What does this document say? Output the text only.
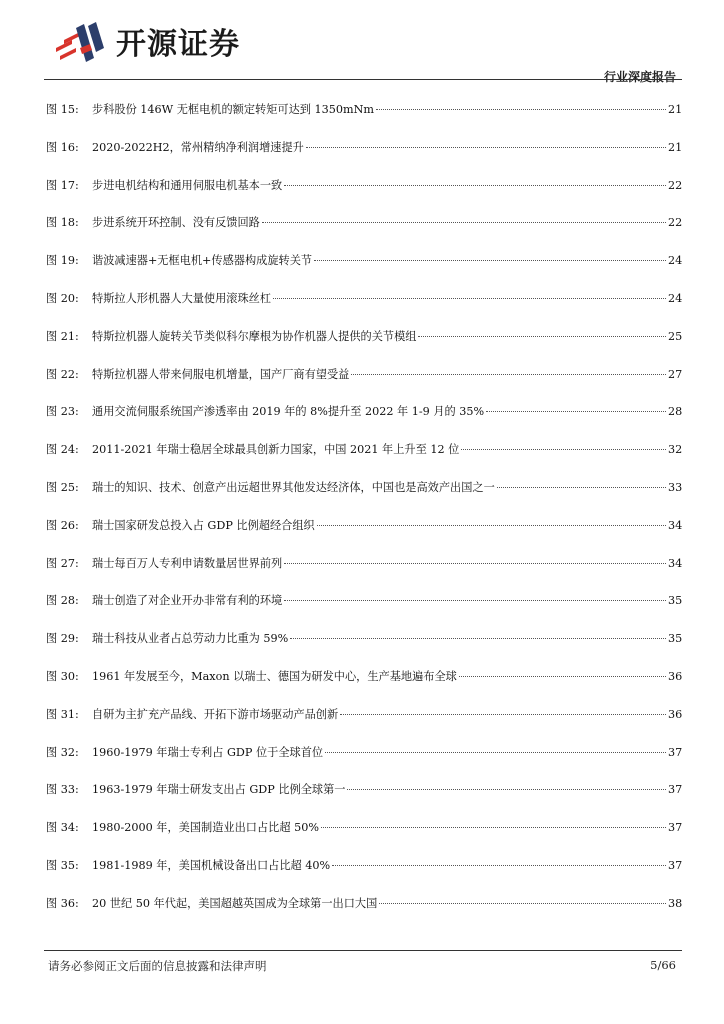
开源证券
行业深度报告
图 15:	步科股份 146W 无框电机的额定转矩可达到 1350mNm	21
图 16:	2020-2022H2，常州精纳净利润增速提升	21
图 17:	步进电机结构和通用伺服电机基本一致	22
图 18:	步进系统开环控制、没有反馈回路	22
图 19:	谐波减速器+无框电机+传感器构成旋转关节	24
图 20:	特斯拉人形机器人大量使用滚珠丝杠	24
图 21:	特斯拉机器人旋转关节类似科尔摩根为协作机器人提供的关节模组	25
图 22:	特斯拉机器人带来伺服电机增量，国产厂商有望受益	27
图 23:	通用交流伺服系统国产渗透率由 2019 年的 8%提升至 2022 年 1-9 月的 35%	28
图 24:	2011-2021 年瑞士稳居全球最具创新力国家，中国 2021 年上升至 12 位	32
图 25:	瑞士的知识、技术、创意产出远超世界其他发达经济体，中国也是高效产出国之一	33
图 26:	瑞士国家研发总投入占 GDP 比例超经合组织	34
图 27:	瑞士每百万人专利申请数量居世界前列	34
图 28:	瑞士创造了对企业开办非常有利的环境	35
图 29:	瑞士科技从业者占总劳动力比重为 59%	35
图 30:	1961 年发展至今，Maxon 以瑞士、德国为研发中心，生产基地遍布全球	36
图 31:	自研为主扩充产品线、开拓下游市场驱动产品创新	36
图 32:	1960-1979 年瑞士专利占 GDP 位于全球首位	37
图 33:	1963-1979 年瑞士研发支出占 GDP 比例全球第一	37
图 34:	1980-2000 年，美国制造业出口占比超 50%	37
图 35:	1981-1989 年，美国机械设备出口占比超 40%	37
图 36:	20 世纪 50 年代起，美国超越英国成为全球第一出口大国	38
请务必参阅正文后面的信息披露和法律声明	5/66
